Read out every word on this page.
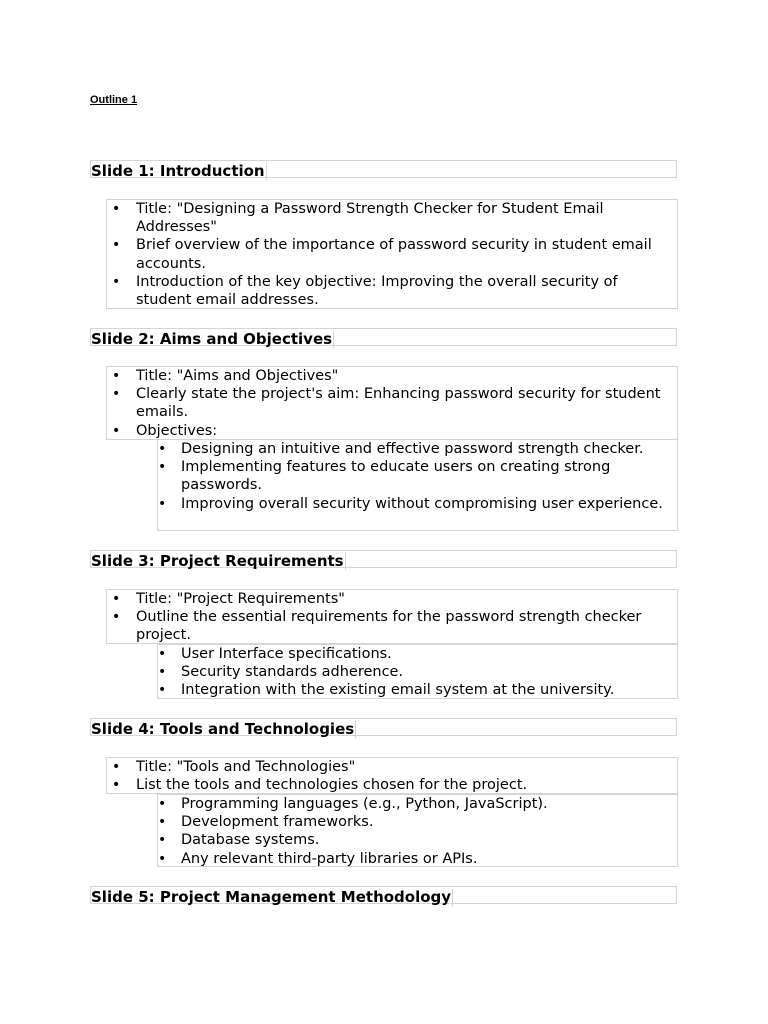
Outline 1
Slide 1: Introduction
• Title: "Designing a Password Strength Checker for Student Email Addresses"
• Brief overview of the importance of password security in student email accounts.
• Introduction of the key objective: Improving the overall security of student email addresses.
Slide 2: Aims and Objectives
• Title: "Aims and Objectives"
• Clearly state the project's aim: Enhancing password security for student emails.
• Objectives:
• Designing an intuitive and effective password strength checker.
• Implementing features to educate users on creating strong passwords.
• Improving overall security without compromising user experience.
Slide 3: Project Requirements
• Title: "Project Requirements"
• Outline the essential requirements for the password strength checker project.
• User Interface specifications.
• Security standards adherence.
• Integration with the existing email system at the university.
Slide 4: Tools and Technologies
• Title: "Tools and Technologies"
• List the tools and technologies chosen for the project.
• Programming languages (e.g., Python, JavaScript).
• Development frameworks.
• Database systems.
• Any relevant third-party libraries or APIs.
Slide 5: Project Management Methodology
